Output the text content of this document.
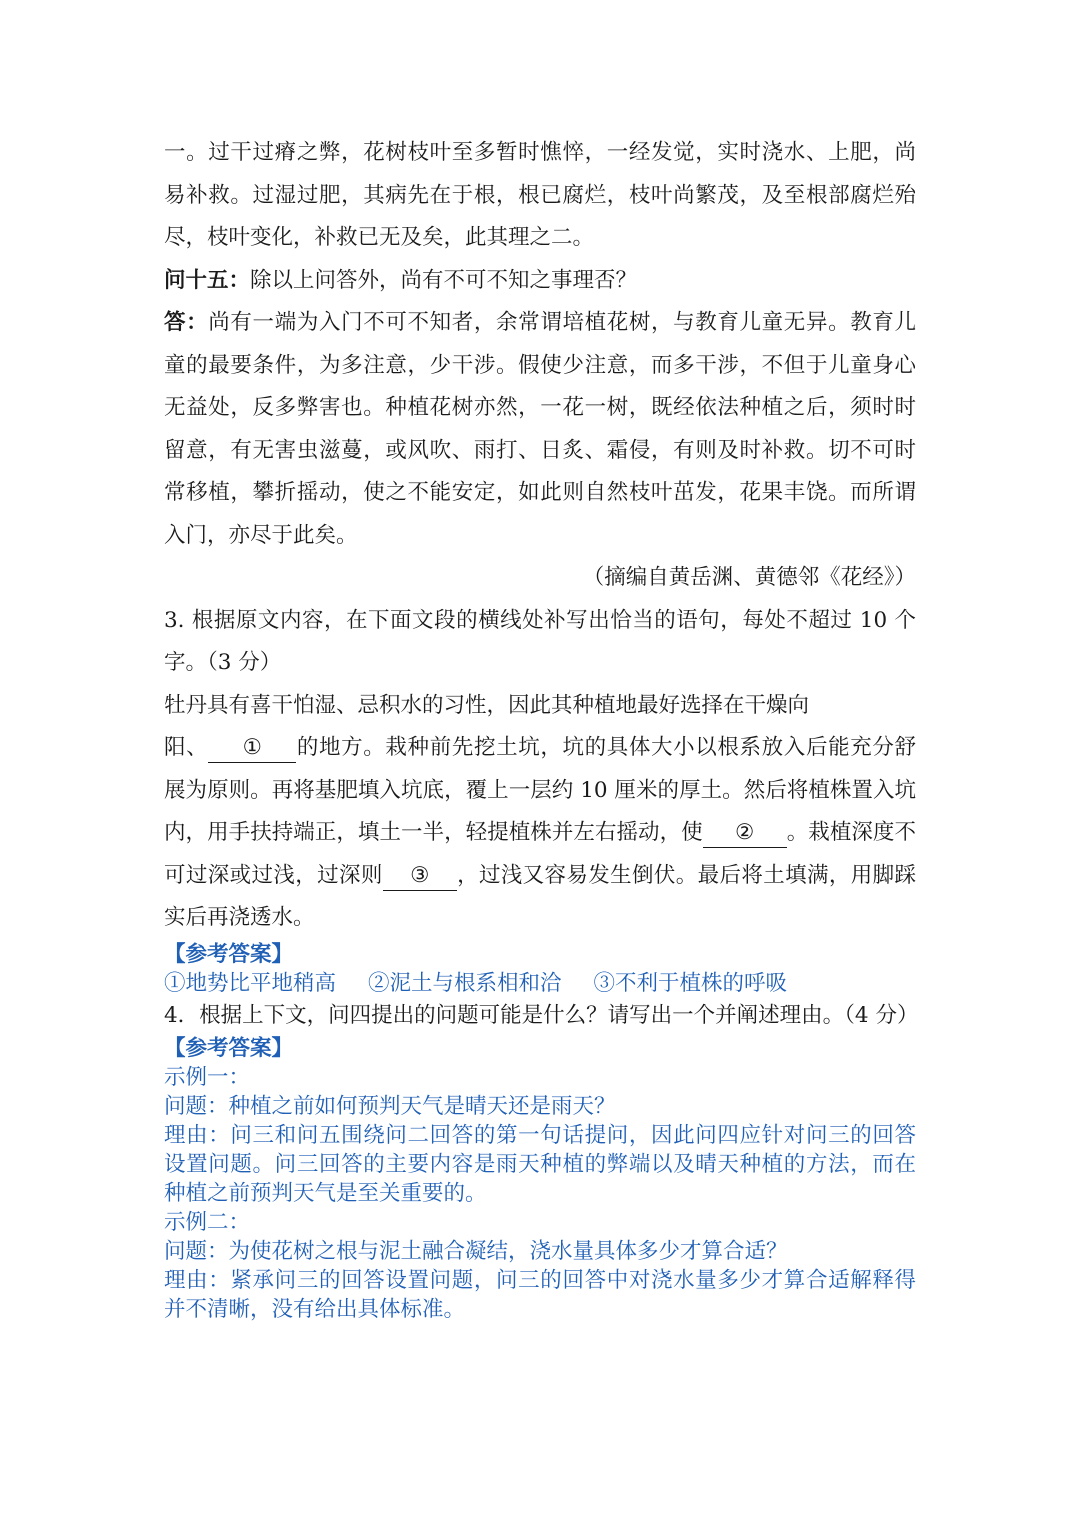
一。过干过瘠之弊，花树枝叶至多暂时憔悴，一经发觉，实时浇水、上肥，尚易补救。过湿过肥，其病先在于根，根已腐烂，枝叶尚繁茂，及至根部腐烂殆尽，枝叶变化，补救已无及矣，此其理之二。

问十五：除以上问答外，尚有不可不知之事理否？

答：尚有一端为入门不可不知者，余常谓培植花树，与教育儿童无异。教育儿童的最要条件，为多注意，少干涉。假使少注意，而多干涉，不但于儿童身心无益处，反多弊害也。种植花树亦然，一花一树，既经依法种植之后，须时时留意，有无害虫滋蔓，或风吹、雨打、日炙、霜侵，有则及时补救。切不可时常移植，攀折摇动，使之不能安定，如此则自然枝叶茁发，花果丰饶。而所谓入门，亦尽于此矣。

（摘编自黄岳渊、黄德邻《花经》）

3. 根据原文内容，在下面文段的横线处补写出恰当的语句，每处不超过 10 个字。（3 分）

牡丹具有喜干怕湿、忌积水的习性，因此其种植地最好选择在干燥向
阳、 ① 的地方。栽种前先挖土坑，坑的具体大小以根系放入后能充分舒展为原则。再将基肥填入坑底，覆上一层约 10 厘米的厚土。然后将植株置入坑内，用手扶持端正，填土一半，轻提植株并左右摇动，使 ② 。栽植深度不可过深或过浅，过深则 ③ ，过浅又容易发生倒伏。最后将土填满，用脚踩实后再浇透水。

【参考答案】

①地势比平地稍高 ②泥土与根系相和洽 ③不利于植株的呼吸

4．根据上下文，问四提出的问题可能是什么？请写出一个并阐述理由。（4 分）

【参考答案】

示例一：

问题：种植之前如何预判天气是晴天还是雨天？

理由：问三和问五围绕问二回答的第一句话提问，因此问四应针对问三的回答设置问题。问三回答的主要内容是雨天种植的弊端以及晴天种植的方法，而在种植之前预判天气是至关重要的。

示例二：

问题：为使花树之根与泥土融合凝结，浇水量具体多少才算合适？

理由：紧承问三的回答设置问题，问三的回答中对浇水量多少才算合适解释得并不清晰，没有给出具体标准。
